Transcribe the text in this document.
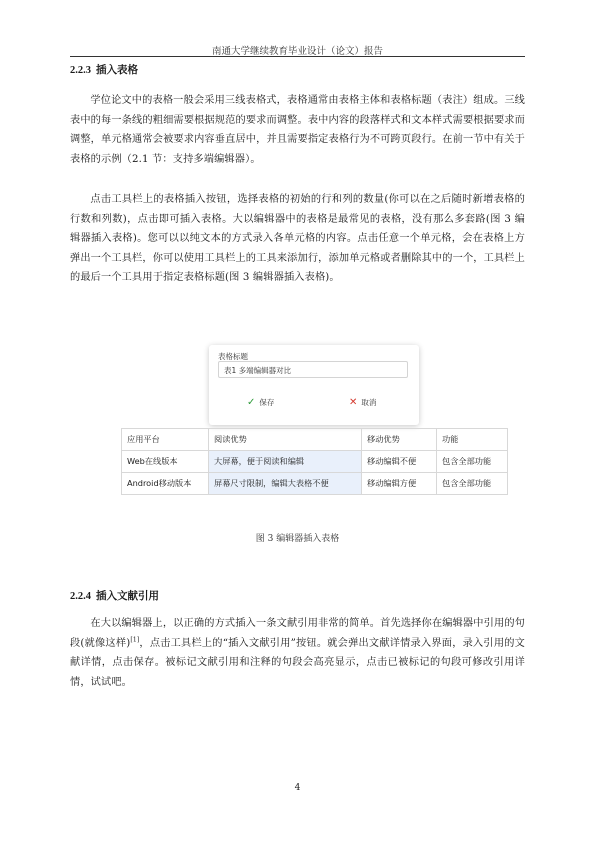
南通大学继续教育毕业设计（论文）报告
2.2.3 插入表格
学位论文中的表格一般会采用三线表格式，表格通常由表格主体和表格标题（表注）组成。三线表中的每一条线的粗细需要根据规范的要求而调整。表中内容的段落样式和文本样式需要根据要求而调整，单元格通常会被要求内容垂直居中，并且需要指定表格行为不可跨页段行。在前一节中有关于表格的示例（2.1 节：支持多端编辑器）。
点击工具栏上的表格插入按钮，选择表格的初始的行和列的数量(你可以在之后随时新增表格的行数和列数)，点击即可插入表格。大以编辑器中的表格是最常见的表格，没有那么多套路(图 3 编辑器插入表格)。您可以以纯文本的方式录入各单元格的内容。点击任意一个单元格，会在表格上方弹出一个工具栏，你可以使用工具栏上的工具来添加行，添加单元格或者删除其中的一个，工具栏上的最后一个工具用于指定表格标题(图 3 编辑器插入表格)。
表格标题
表1 多端编辑器对比
✓ 保存	✕ 取消
应用平台	阅读优势	移动优势	功能
Web在线版本	大屏幕，便于阅读和编辑	移动编辑不便	包含全部功能
Android移动版本	屏幕尺寸限制，编辑大表格不便	移动编辑方便	包含全部功能
图 3 编辑器插入表格
2.2.4 插入文献引用
在大以编辑器上，以正确的方式插入一条文献引用非常的简单。首先选择你在编辑器中引用的句段(就像这样)[1]，点击工具栏上的“插入文献引用”按钮。就会弹出文献详情录入界面，录入引用的文献详情，点击保存。被标记文献引用和注释的句段会高亮显示，点击已被标记的句段可修改引用详情，试试吧。
4
